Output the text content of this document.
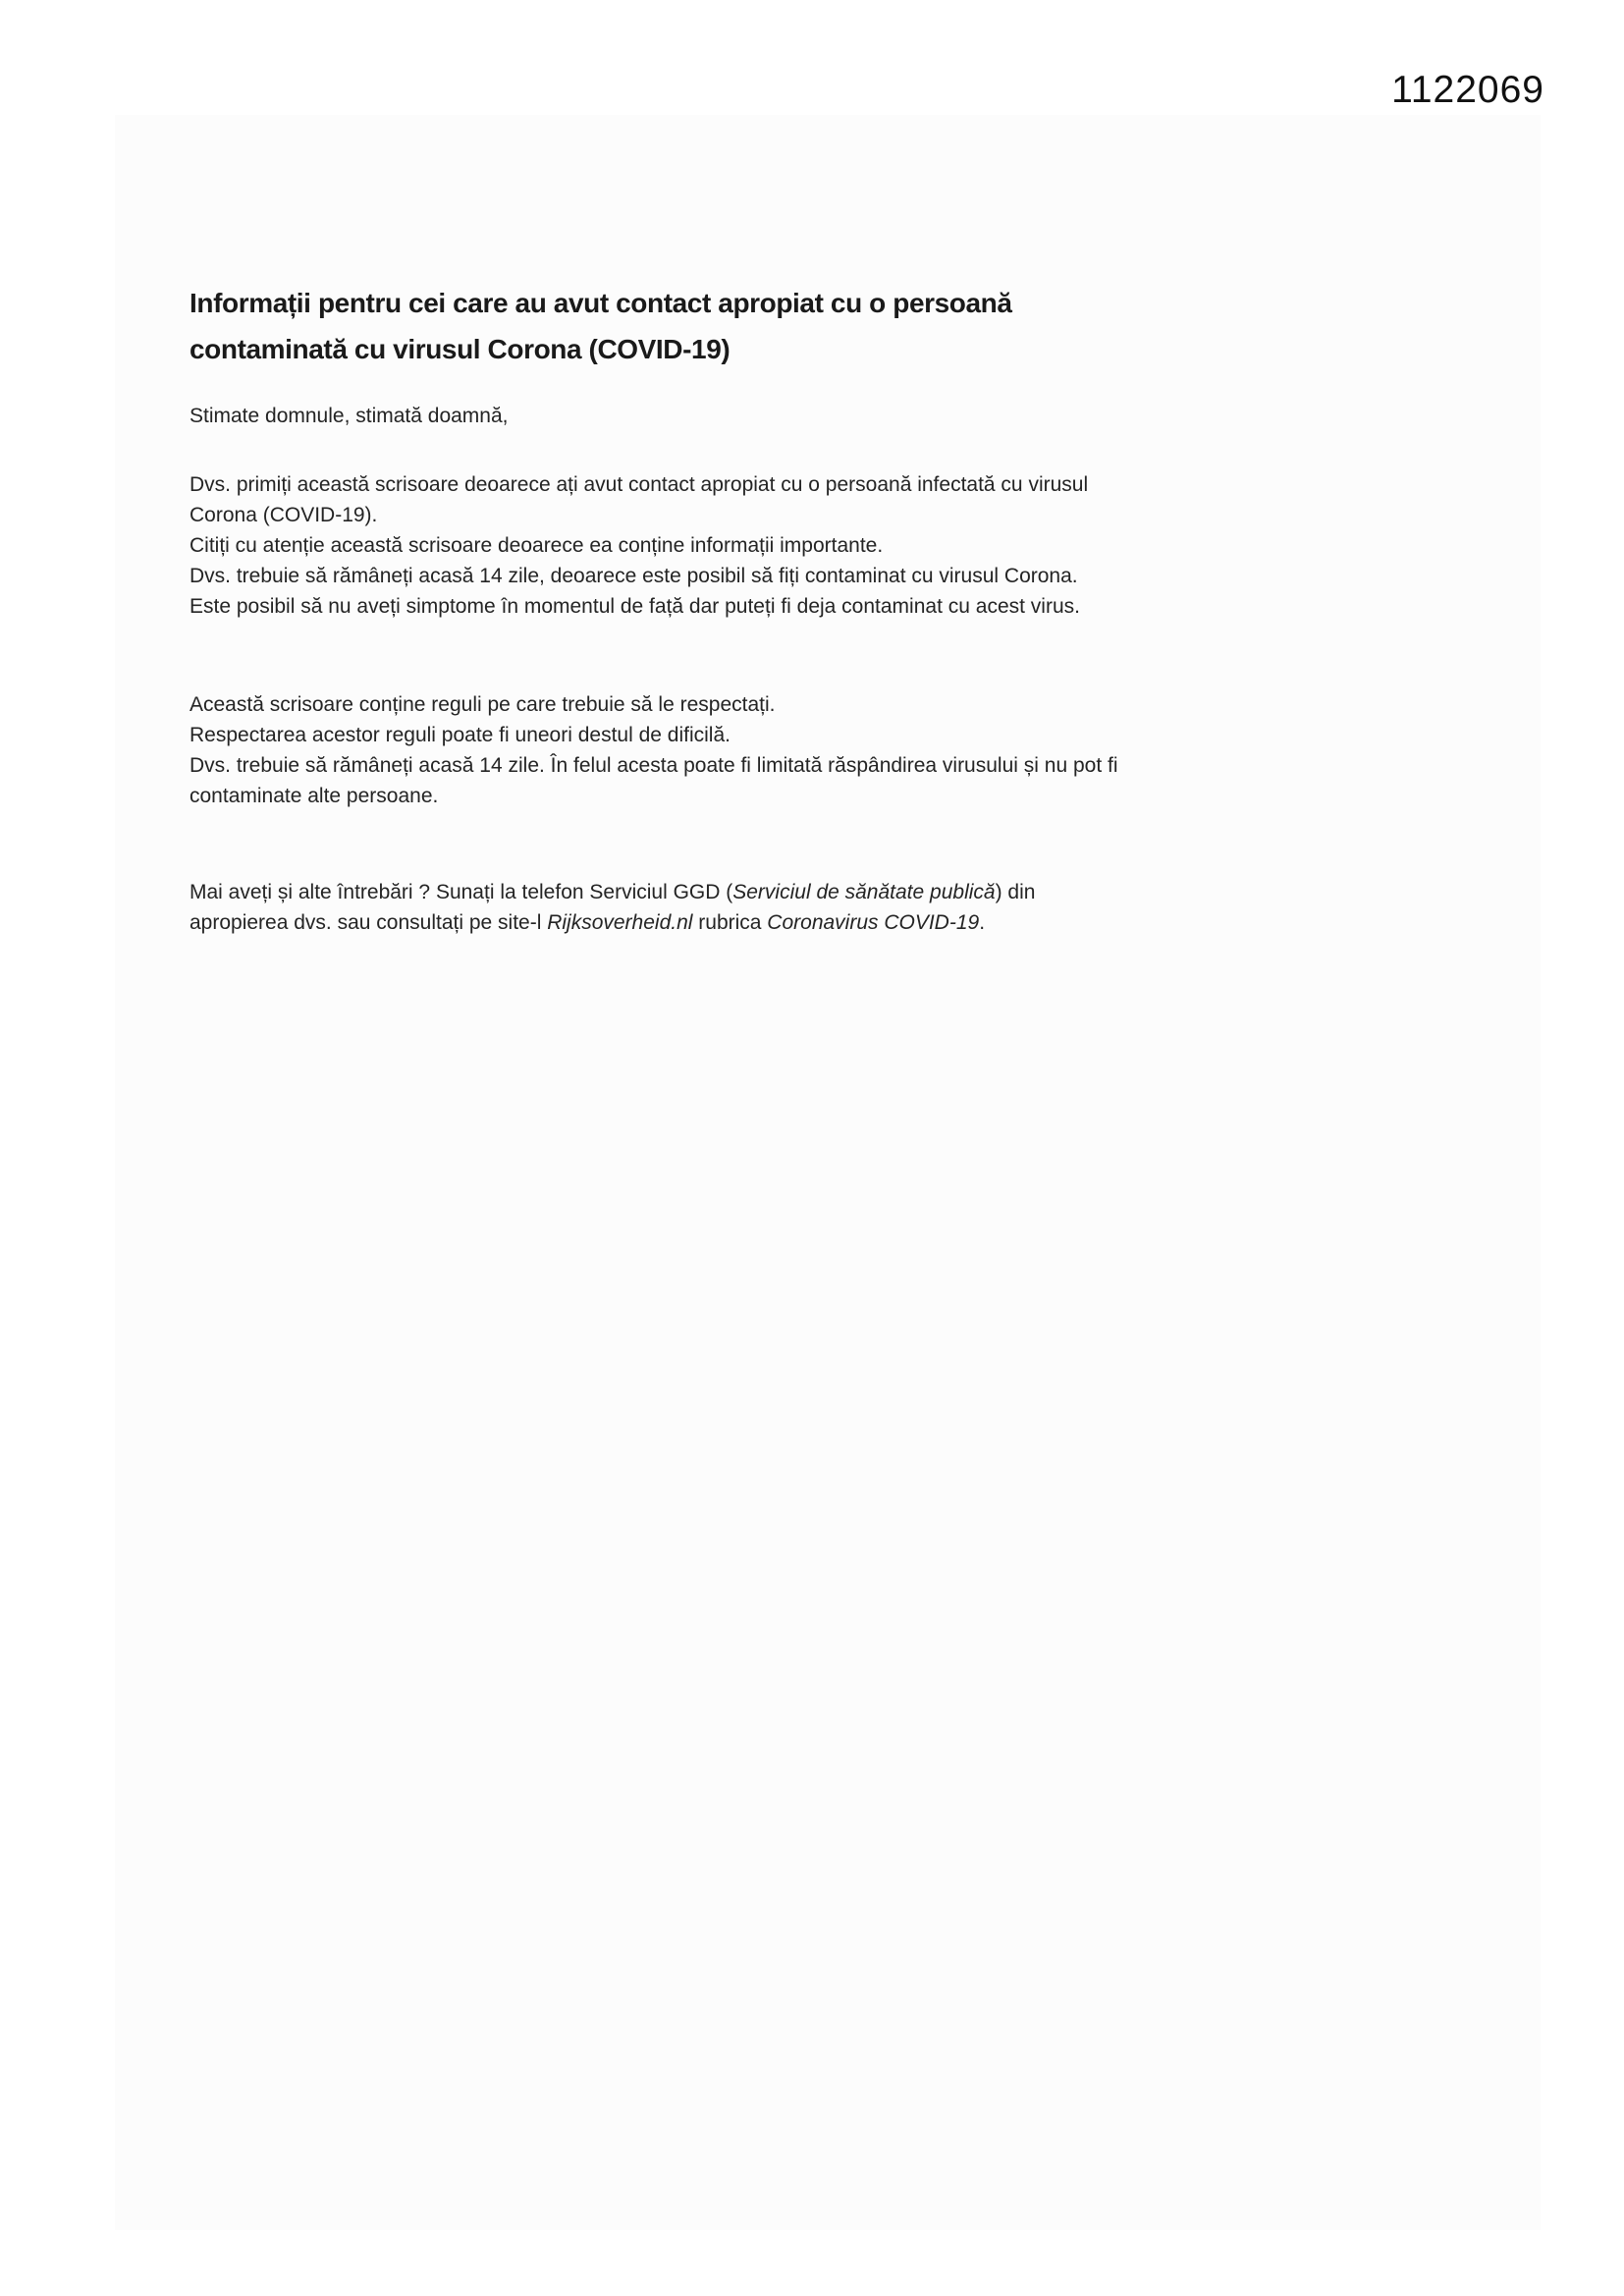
1122069
Informații pentru cei care au avut contact apropiat cu o persoană
contaminată cu virusul Corona (COVID-19)
Stimate domnule, stimată doamnă,
Dvs. primiți această scrisoare deoarece ați avut contact apropiat cu o persoană infectată cu virusul
Corona (COVID-19).
Citiți cu atenție această scrisoare deoarece ea conține informații importante.
Dvs. trebuie să rămâneți acasă 14 zile, deoarece este posibil să fiți contaminat cu virusul Corona.
Este posibil să nu aveți simptome în momentul de față dar puteți fi deja contaminat cu acest virus.
Această scrisoare conține reguli pe care trebuie să le respectați.
Respectarea acestor reguli poate fi uneori destul de dificilă.
Dvs. trebuie să rămâneți acasă 14 zile. În felul acesta poate fi limitată răspândirea virusului și nu pot fi
contaminate alte persoane.
Mai aveți și alte întrebări ? Sunați la telefon Serviciul GGD (Serviciul de sănătate publică) din
apropierea dvs. sau consultați pe site-l Rijksoverheid.nl rubrica Coronavirus COVID-19.
